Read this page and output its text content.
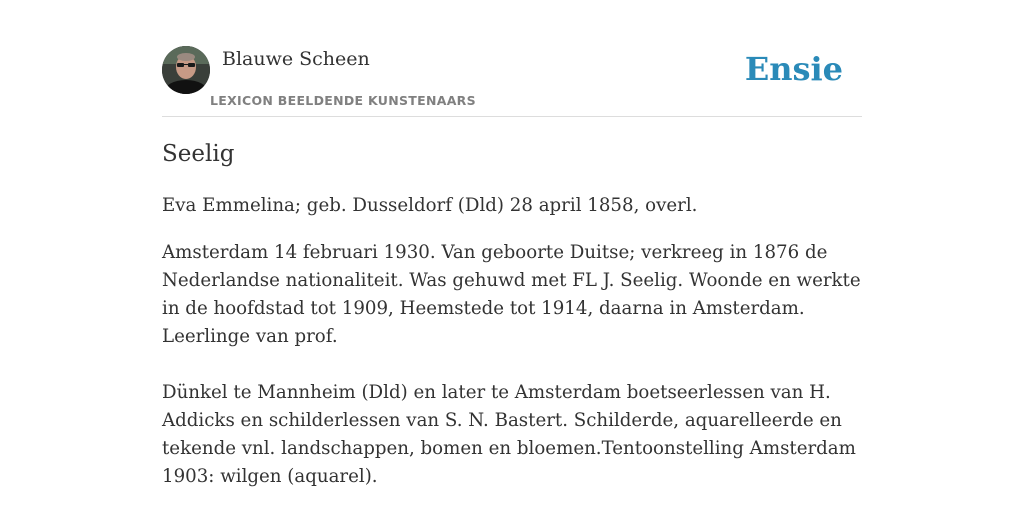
Blauwe Scheen
LEXICON BEELDENDE KUNSTENAARS
Ensie
Seelig

Eva Emmelina; geb. Dusseldorf (Dld) 28 april 1858, overl.

Amsterdam 14 februari 1930. Van geboorte Duitse; verkreeg in 1876 de Nederlandse nationaliteit. Was gehuwd met FL J. Seelig. Woonde en werkte in de hoofdstad tot 1909, Heemstede tot 1914, daarna in Amsterdam. Leerlinge van prof.

Dünkel te Mannheim (Dld) en later te Amsterdam boetseerlessen van H. Addicks en schilderlessen van S. N. Bastert. Schilderde, aquarelleerde en tekende vnl. landschappen, bomen en bloemen.Tentoonstelling Amsterdam 1903: wilgen (aquarel).
